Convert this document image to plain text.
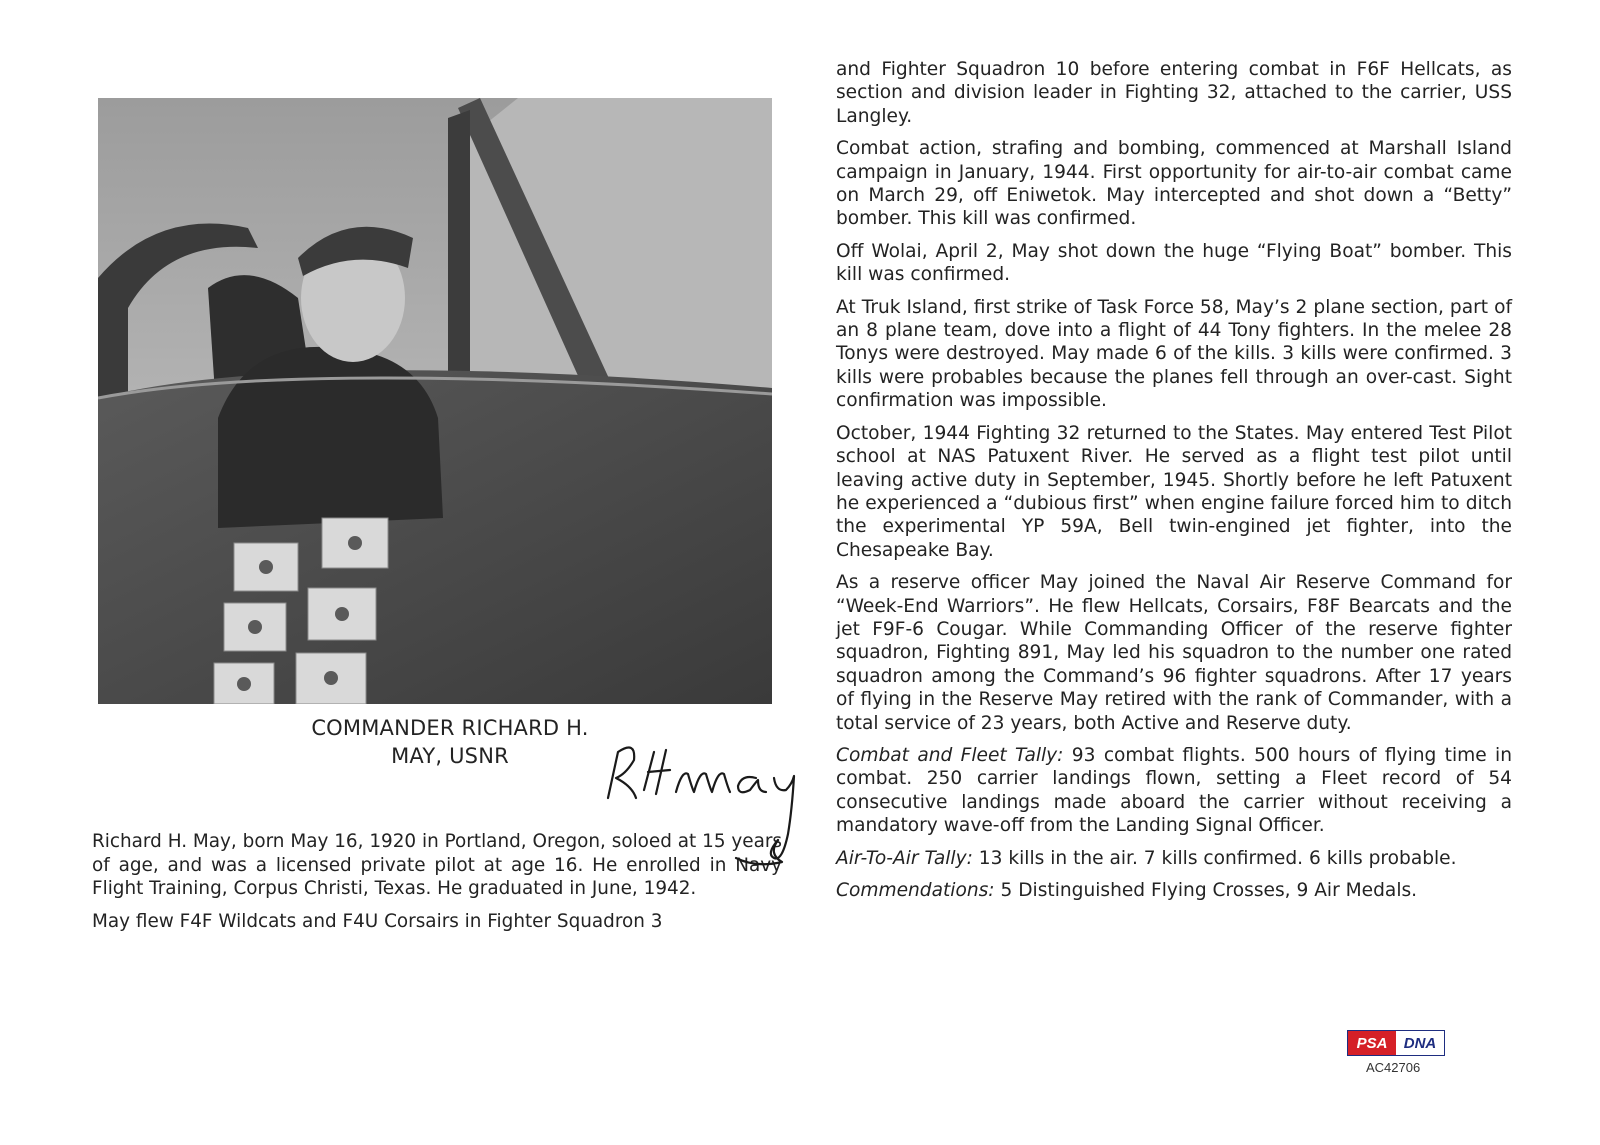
COMMANDER RICHARD H.
MAY, USNR

Richard H. May, born May 16, 1920 in Portland, Oregon, soloed at 15 years of age, and was a licensed private pilot at age 16. He enrolled in Navy Flight Training, Corpus Christi, Texas. He graduated in June, 1942.

May flew F4F Wildcats and F4U Corsairs in Fighter Squadron 3

and Fighter Squadron 10 before entering combat in F6F Hellcats, as section and division leader in Fighting 32, attached to the carrier, USS Langley.

Combat action, strafing and bombing, commenced at Marshall Island campaign in January, 1944. First opportunity for air-to-air combat came on March 29, off Eniwetok. May intercepted and shot down a “Betty” bomber. This kill was confirmed.

Off Wolai, April 2, May shot down the huge “Flying Boat” bomber. This kill was confirmed.

At Truk Island, first strike of Task Force 58, May’s 2 plane section, part of an 8 plane team, dove into a flight of 44 Tony fighters. In the melee 28 Tonys were destroyed. May made 6 of the kills. 3 kills were confirmed. 3 kills were probables because the planes fell through an over-cast. Sight confirmation was impossible.

October, 1944 Fighting 32 returned to the States. May entered Test Pilot school at NAS Patuxent River. He served as a flight test pilot until leaving active duty in September, 1945. Shortly before he left Patuxent he experienced a “dubious first” when engine failure forced him to ditch the experimental YP 59A, Bell twin-engined jet fighter, into the Chesapeake Bay.

As a reserve officer May joined the Naval Air Reserve Command for “Week-End Warriors”. He flew Hellcats, Corsairs, F8F Bearcats and the jet F9F-6 Cougar. While Commanding Officer of the reserve fighter squadron, Fighting 891, May led his squadron to the number one rated squadron among the Command’s 96 fighter squadrons. After 17 years of flying in the Reserve May retired with the rank of Commander, with a total service of 23 years, both Active and Reserve duty.

Combat and Fleet Tally: 93 combat flights. 500 hours of flying time in combat. 250 carrier landings flown, setting a Fleet record of 54 consecutive landings made aboard the carrier without receiving a mandatory wave-off from the Landing Signal Officer.

Air-To-Air Tally: 13 kills in the air. 7 kills confirmed. 6 kills probable.

Commendations: 5 Distinguished Flying Crosses, 9 Air Medals.

PSA	DNA
AC42706
